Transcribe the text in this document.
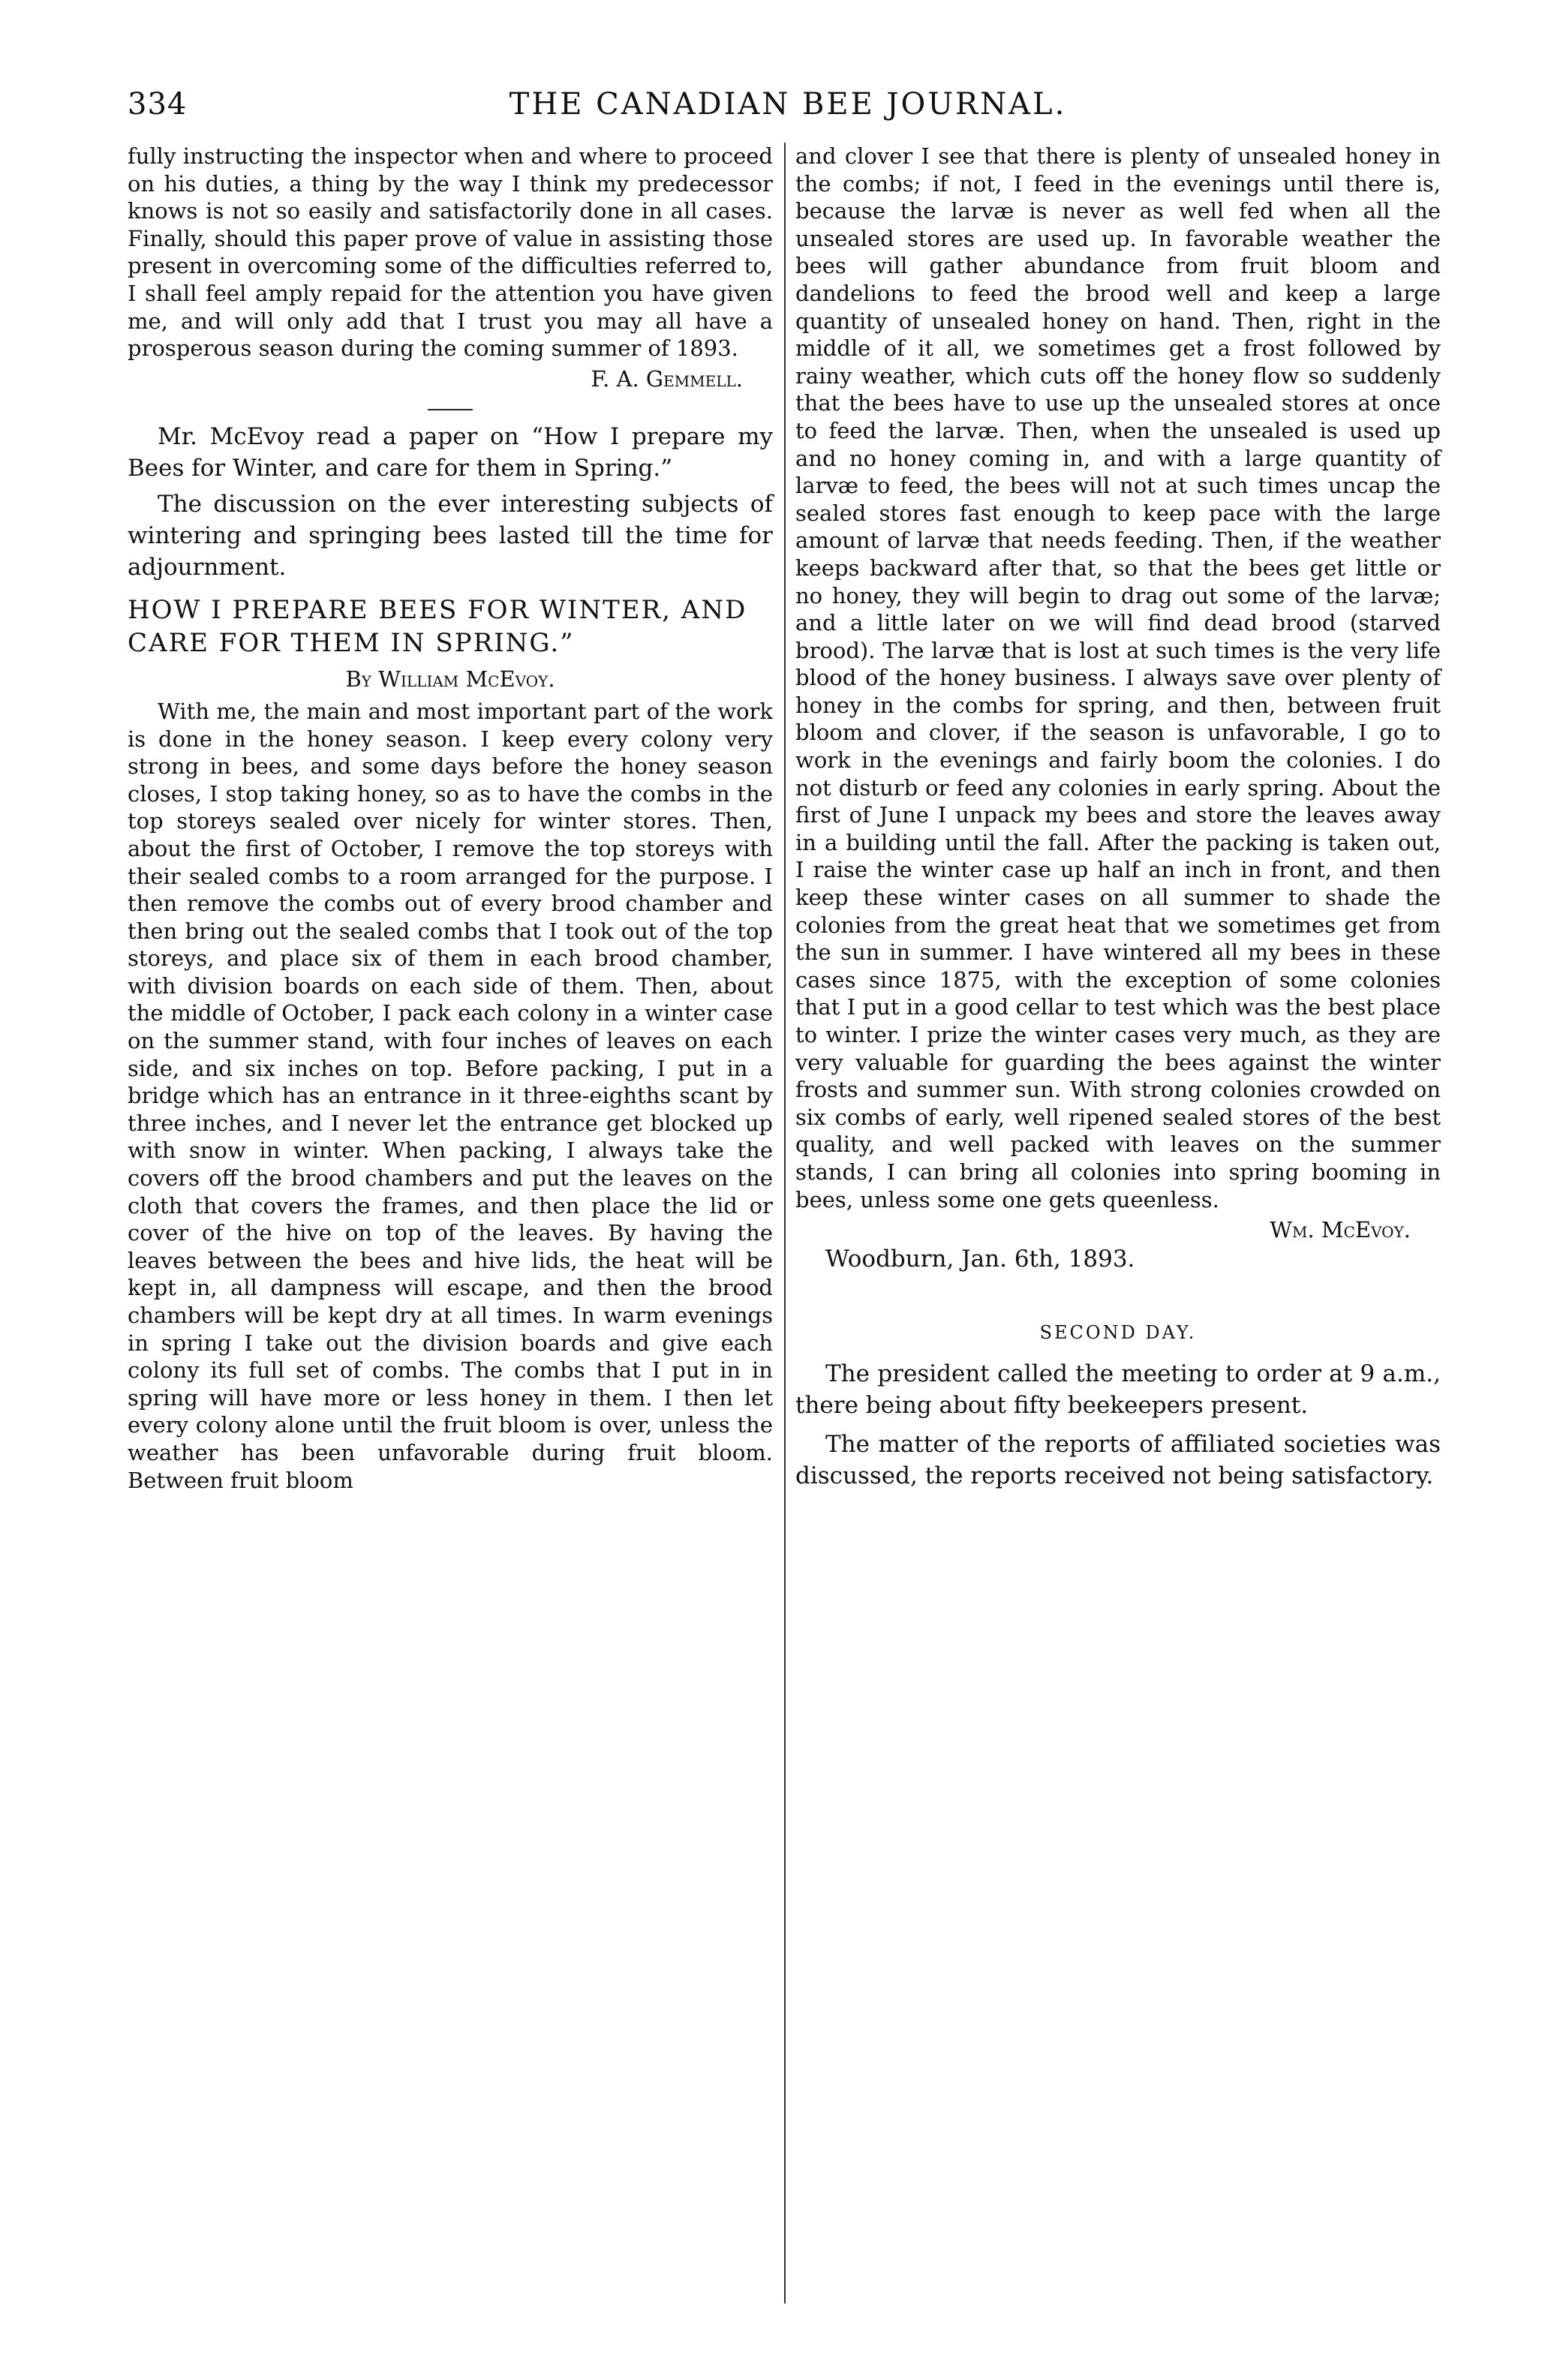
334	THE CANADIAN BEE JOURNAL.

fully instructing the inspector when and where to proceed on his duties, a thing by the way I think my predecessor knows is not so easily and satisfactorily done in all cases. Finally, should this paper prove of value in assisting those present in overcoming some of the difficulties referred to, I shall feel amply repaid for the attention you have given me, and will only add that I trust you may all have a prosperous season during the coming summer of 1893.

F. A. Gemmell.

Mr. McEvoy read a paper on “How I prepare my Bees for Winter, and care for them in Spring.”

The discussion on the ever interesting subjects of wintering and springing bees lasted till the time for adjournment.

HOW I PREPARE BEES FOR WINTER, AND CARE FOR THEM IN SPRING.”

By William McEvoy.

With me, the main and most important part of the work is done in the honey season. I keep every colony very strong in bees, and some days before the honey season closes, I stop taking honey, so as to have the combs in the top storeys sealed over nicely for winter stores. Then, about the first of October, I remove the top storeys with their sealed combs to a room arranged for the purpose. I then remove the combs out of every brood chamber and then bring out the sealed combs that I took out of the top storeys, and place six of them in each brood chamber, with division boards on each side of them. Then, about the middle of October, I pack each colony in a winter case on the summer stand, with four inches of leaves on each side, and six inches on top. Before packing, I put in a bridge which has an entrance in it three-eighths scant by three inches, and I never let the entrance get blocked up with snow in winter. When packing, I always take the covers off the brood chambers and put the leaves on the cloth that covers the frames, and then place the lid or cover of the hive on top of the leaves. By having the leaves between the bees and hive lids, the heat will be kept in, all dampness will escape, and then the brood chambers will be kept dry at all times. In warm evenings in spring I take out the division boards and give each colony its full set of combs. The combs that I put in in spring will have more or less honey in them. I then let every colony alone until the fruit bloom is over, unless the weather has been unfavorable during fruit bloom. Between fruit bloom

and clover I see that there is plenty of unsealed honey in the combs; if not, I feed in the evenings until there is, because the larvæ is never as well fed when all the unsealed stores are used up. In favorable weather the bees will gather abundance from fruit bloom and dandelions to feed the brood well and keep a large quantity of unsealed honey on hand. Then, right in the middle of it all, we sometimes get a frost followed by rainy weather, which cuts off the honey flow so suddenly that the bees have to use up the unsealed stores at once to feed the larvæ. Then, when the unsealed is used up and no honey coming in, and with a large quantity of larvæ to feed, the bees will not at such times uncap the sealed stores fast enough to keep pace with the large amount of larvæ that needs feeding. Then, if the weather keeps backward after that, so that the bees get little or no honey, they will begin to drag out some of the larvæ; and a little later on we will find dead brood (starved brood). The larvæ that is lost at such times is the very life blood of the honey business. I always save over plenty of honey in the combs for spring, and then, between fruit bloom and clover, if the season is unfavorable, I go to work in the evenings and fairly boom the colonies. I do not disturb or feed any colonies in early spring. About the first of June I unpack my bees and store the leaves away in a building until the fall. After the packing is taken out, I raise the winter case up half an inch in front, and then keep these winter cases on all summer to shade the colonies from the great heat that we sometimes get from the sun in summer. I have wintered all my bees in these cases since 1875, with the exception of some colonies that I put in a good cellar to test which was the best place to winter. I prize the winter cases very much, as they are very valuable for guarding the bees against the winter frosts and summer sun. With strong colonies crowded on six combs of early, well ripened sealed stores of the best quality, and well packed with leaves on the summer stands, I can bring all colonies into spring booming in bees, unless some one gets queenless.

Wm. McEvoy.

Woodburn, Jan. 6th, 1893.

SECOND DAY.

The president called the meeting to order at 9 a.m., there being about fifty beekeepers present.

The matter of the reports of affiliated societies was discussed, the reports received not being satisfactory.
